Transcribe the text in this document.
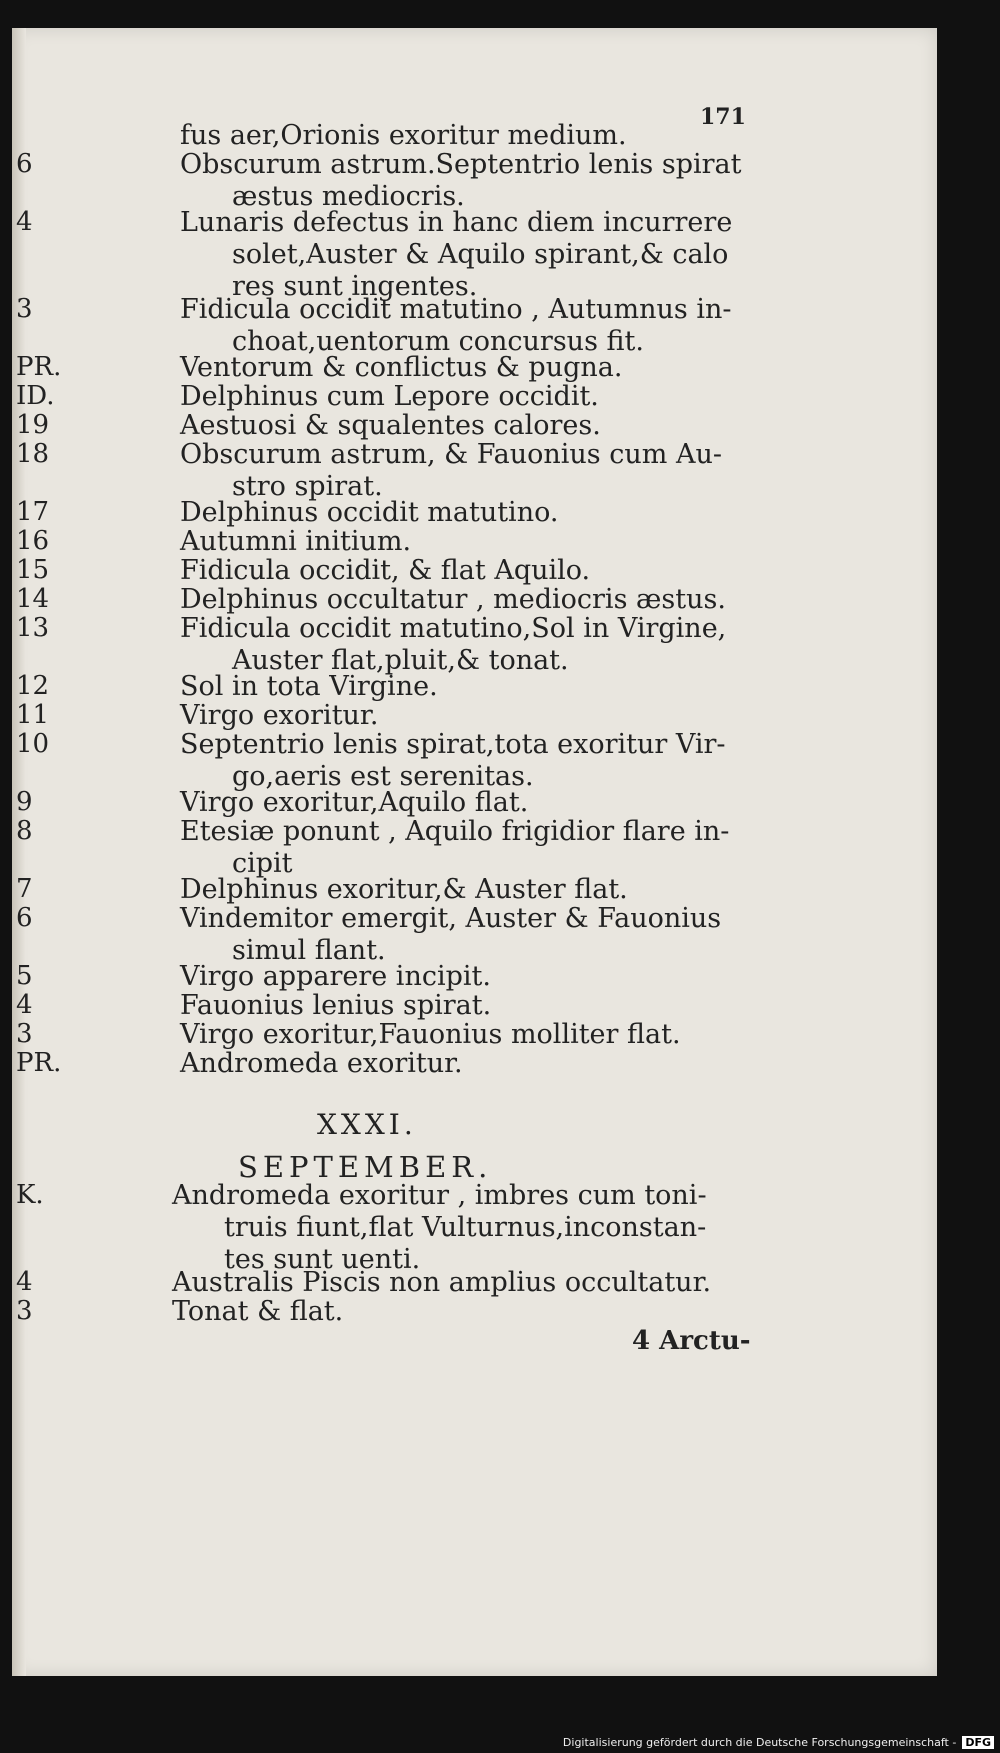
171
fus aer,Orionis exoritur medium.
6	Obscurum astrum.Septentrio lenis spirat
æstus mediocris.
4	Lunaris defectus in hanc diem incurrere
solet,Auster & Aquilo spirant,& calo
res sunt ingentes.
3	Fidicula occidit matutino , Autumnus in-
choat,uentorum concursus fit.
PR.	Ventorum & conflictus & pugna.
ID.	Delphinus cum Lepore occidit.
19	Aestuosi & squalentes calores.
18	Obscurum astrum, & Fauonius cum Au-
stro spirat.
17	Delphinus occidit matutino.
16	Autumni initium.
15	Fidicula occidit, & flat Aquilo.
14	Delphinus occultatur , mediocris æstus.
13	Fidicula occidit matutino,Sol in Virgine,
Auster flat,pluit,& tonat.
12	Sol in tota Virgine.
11	Virgo exoritur.
10	Septentrio lenis spirat,tota exoritur Vir-
go,aeris est serenitas.
9	Virgo exoritur,Aquilo flat.
8	Etesiæ ponunt , Aquilo frigidior flare in-
cipit
7	Delphinus exoritur,& Auster flat.
6	Vindemitor emergit, Auster & Fauonius
simul flant.
5	Virgo apparere incipit.
4	Fauonius lenius spirat.
3	Virgo exoritur,Fauonius molliter flat.
PR.	Andromeda exoritur.
XXXI.
SEPTEMBER.
K.	Andromeda exoritur , imbres cum toni-
truis fiunt,flat Vulturnus,inconstan-
tes sunt uenti.
4	Australis Piscis non amplius occultatur.
3	Tonat & flat.
4 Arctu-
Digitalisierung gefördert durch die Deutsche Forschungsgemeinschaft - DFG
